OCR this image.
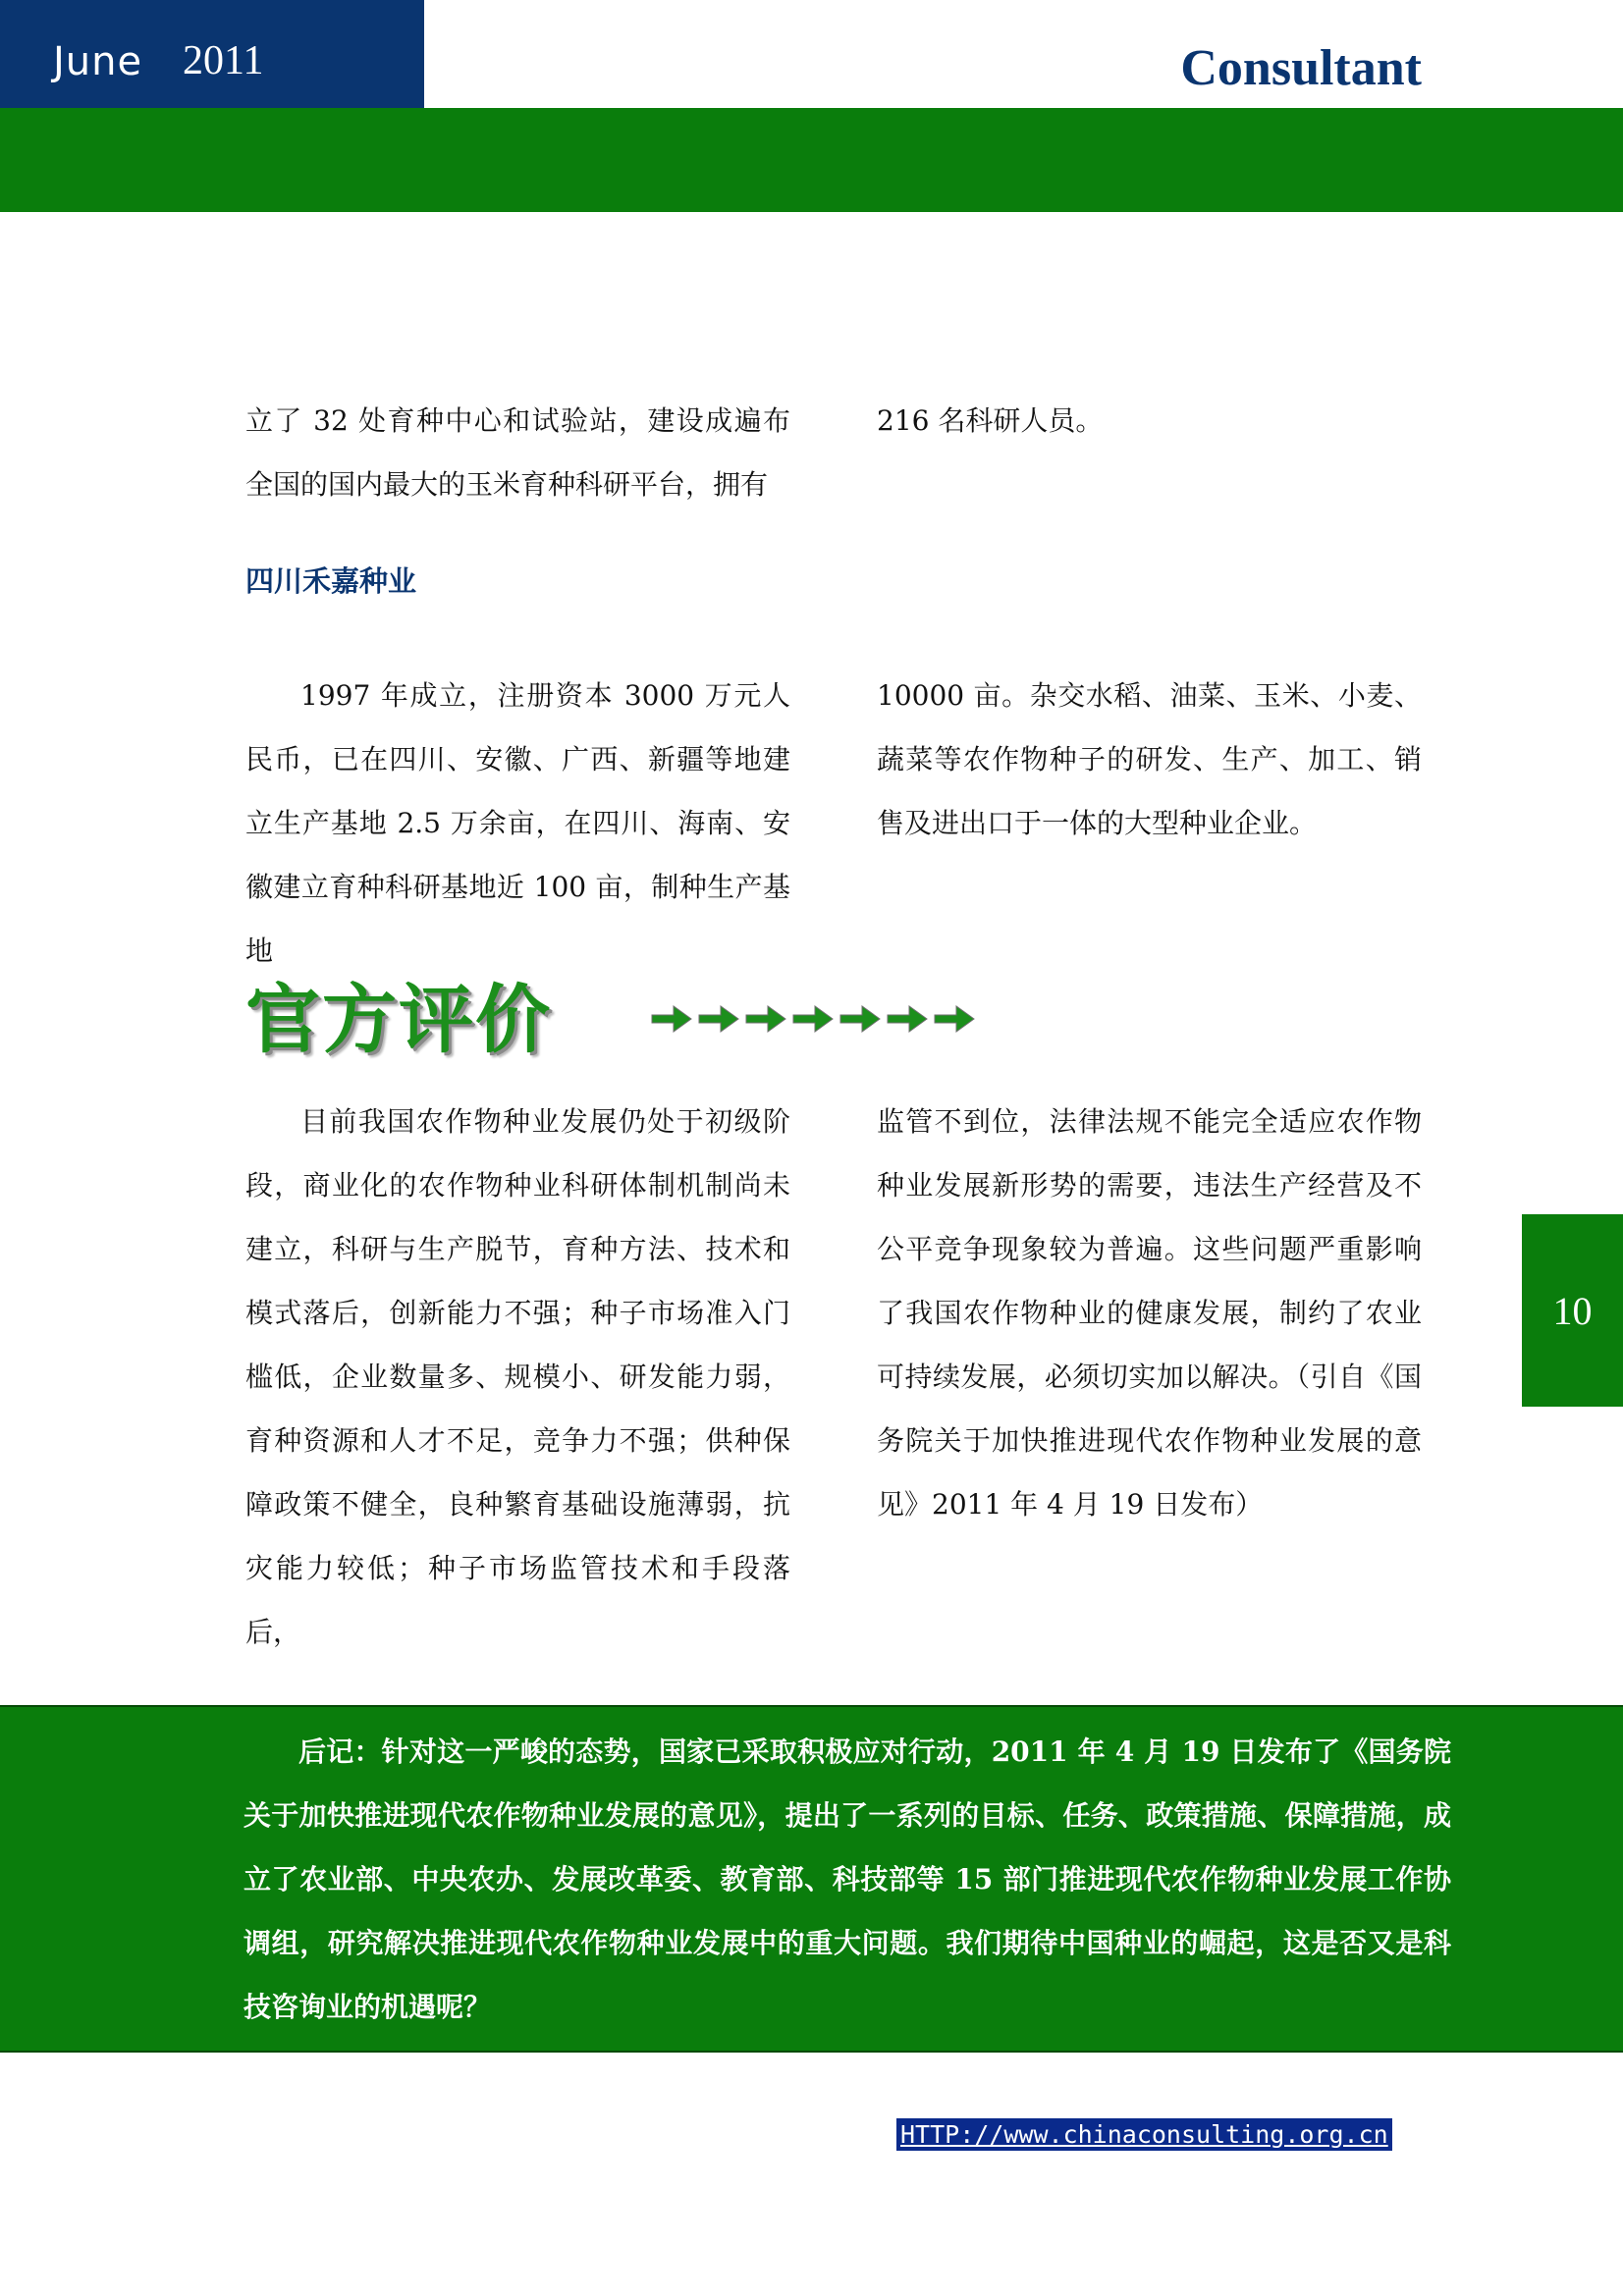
June 2011	Consultant

立了 32 处育种中心和试验站，建设成遍布全国的国内最大的玉米育种科研平台，拥有

216 名科研人员。

四川禾嘉种业

1997 年成立，注册资本 3000 万元人民币，已在四川、安徽、广西、新疆等地建立生产基地 2.5 万余亩，在四川、海南、安徽建立育种科研基地近 100 亩，制种生产基地

10000 亩。杂交水稻、油菜、玉米、小麦、蔬菜等农作物种子的研发、生产、加工、销售及进出口于一体的大型种业企业。

官方评价

目前我国农作物种业发展仍处于初级阶段，商业化的农作物种业科研体制机制尚未建立，科研与生产脱节，育种方法、技术和模式落后，创新能力不强；种子市场准入门槛低，企业数量多、规模小、研发能力弱，育种资源和人才不足，竞争力不强；供种保障政策不健全，良种繁育基础设施薄弱，抗灾能力较低；种子市场监管技术和手段落后，

监管不到位，法律法规不能完全适应农作物种业发展新形势的需要，违法生产经营及不公平竞争现象较为普遍。这些问题严重影响了我国农作物种业的健康发展，制约了农业可持续发展，必须切实加以解决。（引自《国务院关于加快推进现代农作物种业发展的意见》2011 年 4 月 19 日发布）

10
后记：针对这一严峻的态势，国家已采取积极应对行动，2011 年 4 月 19 日发布了《国务院关于加快推进现代农作物种业发展的意见》，提出了一系列的目标、任务、政策措施、保障措施，成立了农业部、中央农办、发展改革委、教育部、科技部等 15 部门推进现代农作物种业发展工作协调组，研究解决推进现代农作物种业发展中的重大问题。我们期待中国种业的崛起，这是否又是科技咨询业的机遇呢？
HTTP://www.chinaconsulting.org.cn
